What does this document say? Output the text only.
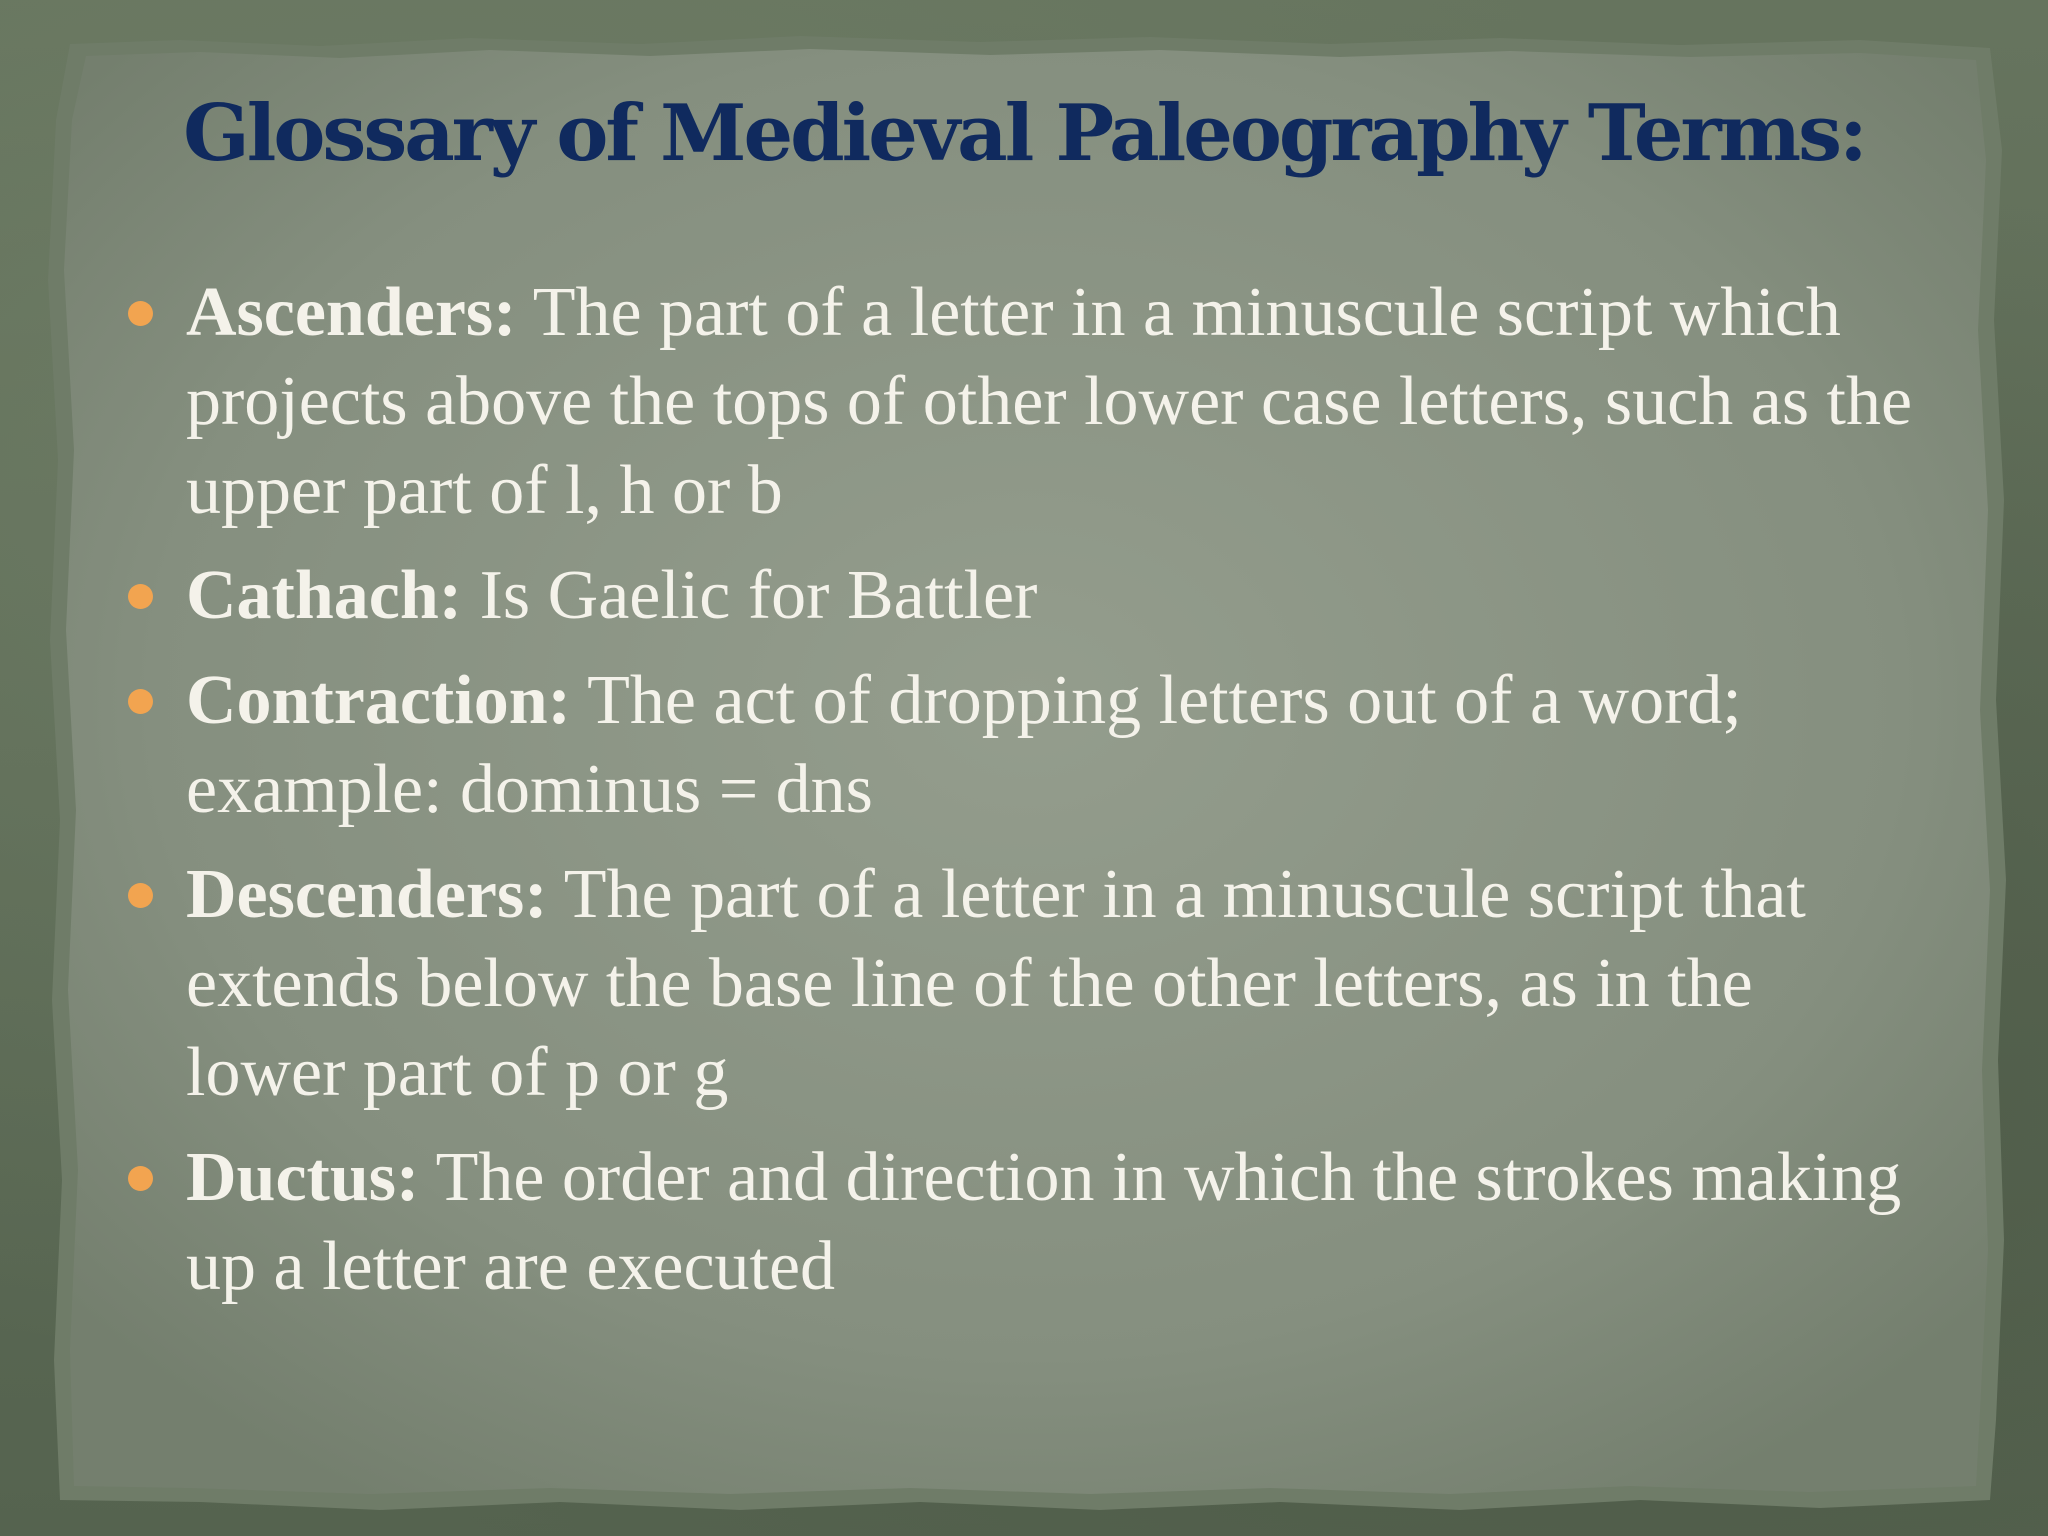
Glossary of Medieval Paleography Terms:
Ascenders: The part of a letter in a minuscule script which projects above the tops of other lower case letters, such as the upper part of l, h or b
Cathach: Is Gaelic for Battler
Contraction: The act of dropping letters out of a word; example: dominus = dns
Descenders: The part of a letter in a minuscule script that extends below the base line of the other letters, as in the lower part of p or g
Ductus: The order and direction in which the strokes making up a letter are executed
